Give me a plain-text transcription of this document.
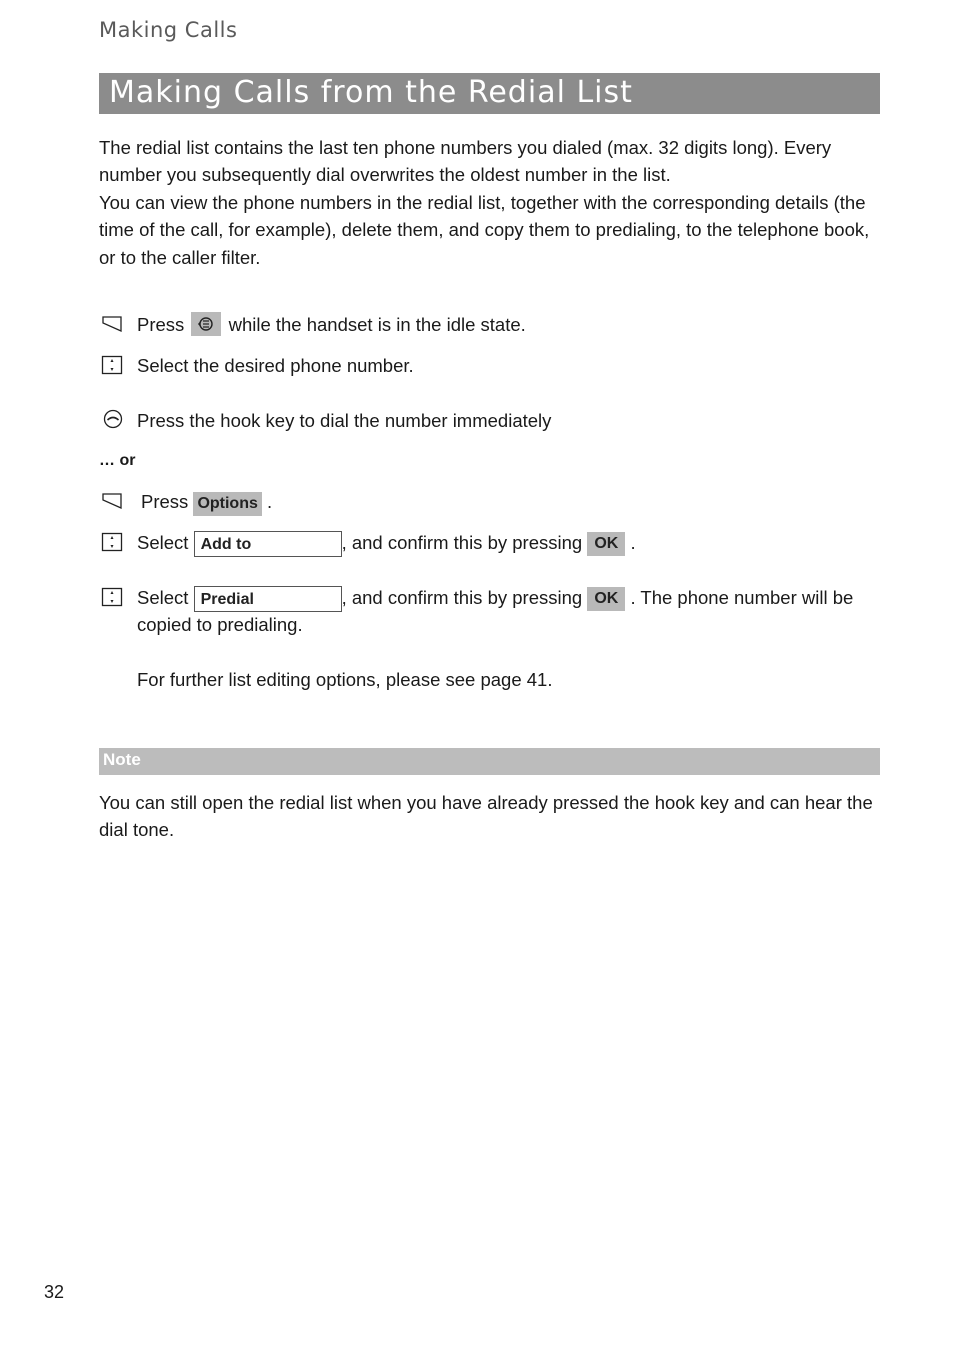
Making Calls
Making Calls from the Redial List
The redial list contains the last ten phone numbers you dialed (max. 32 digits long). Every number you subsequently dial overwrites the oldest number in the list.
You can view the phone numbers in the redial list, together with the corresponding details (the time of the call, for example), delete them, and copy them to predialing, to the telephone book, or to the caller filter.
Press while the handset is in the idle state.
Select the desired phone number.
Press the hook key to dial the number immediately
… or
Press Options .
Select Add to	, and confirm this by pressing OK .
Select Predial	, and confirm this by pressing OK . The phone number will be
copied to predialing.
For further list editing options, please see page 41.
Note
You can still open the redial list when you have already pressed the hook key and can hear the dial tone.
32
